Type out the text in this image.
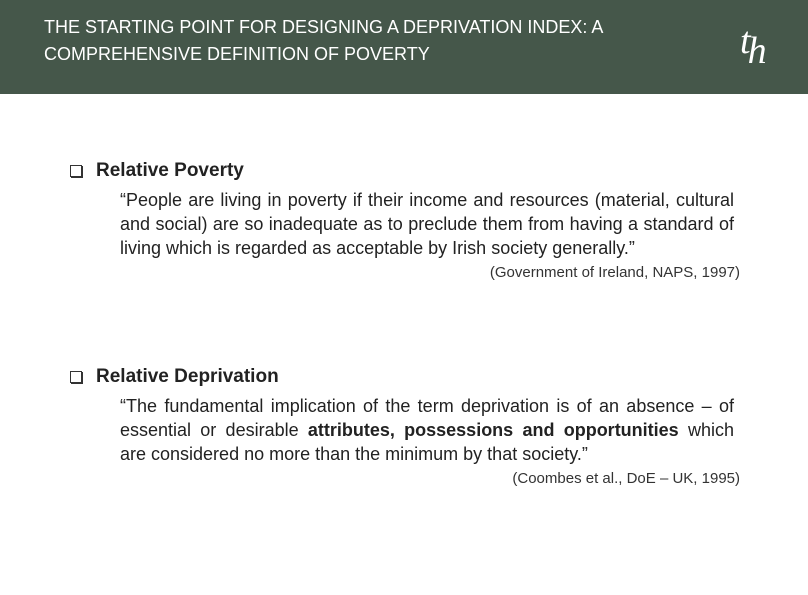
THE STARTING POINT FOR DESIGNING A DEPRIVATION INDEX: A COMPREHENSIVE DEFINITION OF POVERTY	th
Relative Poverty
“People are living in poverty if their income and resources (material, cultural and social) are so inadequate as to preclude them from having a standard of living which is regarded as acceptable by Irish society generally.”
(Government of Ireland, NAPS, 1997)
Relative Deprivation
“The fundamental implication of the term deprivation is of an absence – of essential or desirable attributes, possessions and opportunities which are considered no more than the minimum by that society.”
(Coombes et al., DoE – UK, 1995)
